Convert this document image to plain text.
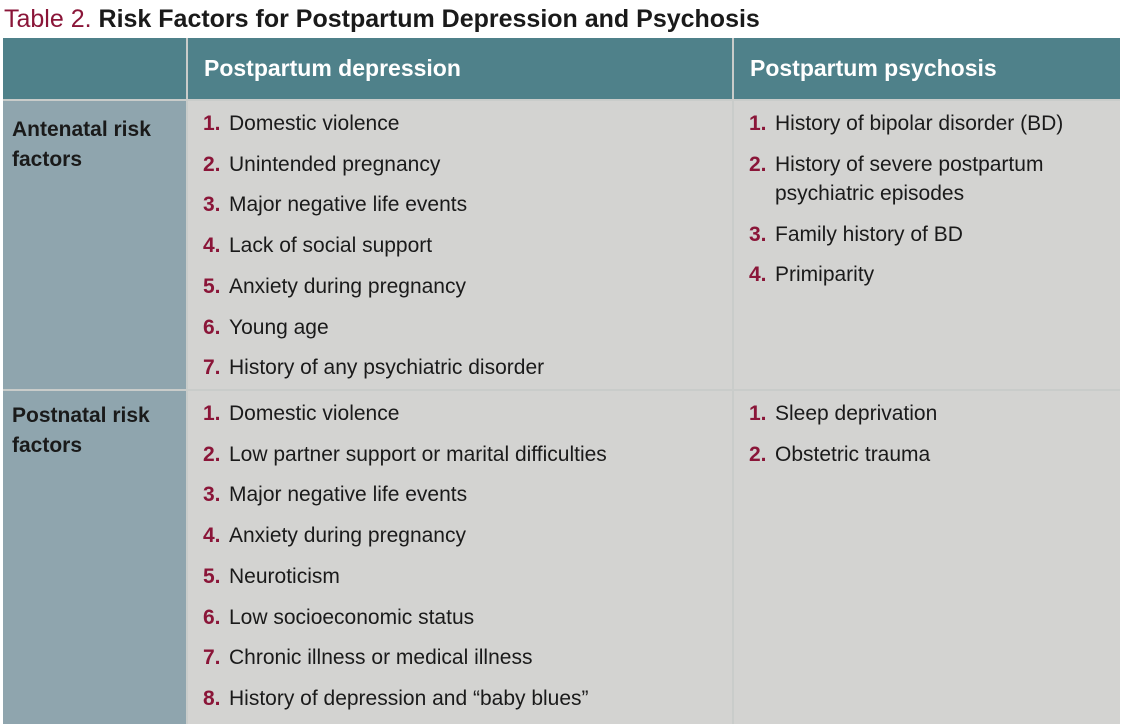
Table 2. Risk Factors for Postpartum Depression and Psychosis
Postpartum depression	Postpartum psychosis
Antenatal risk factors
1. Domestic violence
2. Unintended pregnancy
3. Major negative life events
4. Lack of social support
5. Anxiety during pregnancy
6. Young age
7. History of any psychiatric disorder
1. History of bipolar disorder (BD)
2. History of severe postpartum
psychiatric episodes
3. Family history of BD
4. Primiparity
Postnatal risk factors
1. Domestic violence
2. Low partner support or marital difficulties
3. Major negative life events
4. Anxiety during pregnancy
5. Neuroticism
6. Low socioeconomic status
7. Chronic illness or medical illness
8. History of depression and “baby blues”
1. Sleep deprivation
2. Obstetric trauma
